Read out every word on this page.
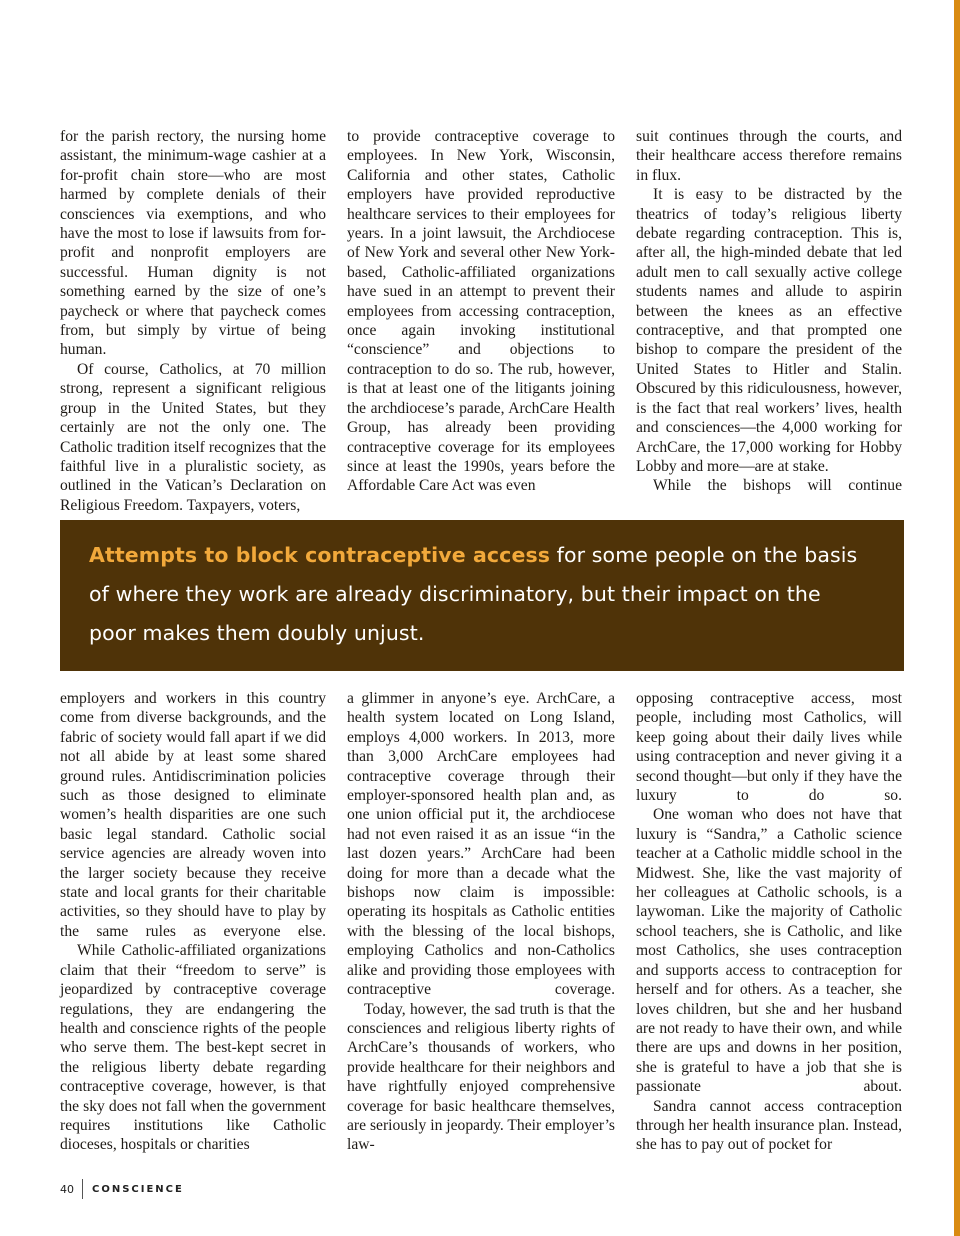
for the parish rectory, the nursing home assistant, the minimum-wage cashier at a for-profit chain store—who are most harmed by complete denials of their consciences via exemptions, and who have the most to lose if lawsuits from for-profit and nonprofit employers are successful. Human dignity is not something earned by the size of one’s paycheck or where that paycheck comes from, but simply by virtue of being human.

Of course, Catholics, at 70 million strong, represent a significant religious group in the United States, but they certainly are not the only one. The Catholic tradition itself recognizes that the faithful live in a pluralistic society, as outlined in the Vatican’s Declaration on Religious Freedom. Taxpayers, voters,

to provide contraceptive coverage to employees. In New York, Wisconsin, California and other states, Catholic employers have provided reproductive healthcare services to their employees for years. In a joint lawsuit, the Archdiocese of New York and several other New York-based, Catholic-affiliated organizations have sued in an attempt to prevent their employees from accessing contraception, once again invoking institutional “conscience” and objections to contraception to do so. The rub, however, is that at least one of the litigants joining the archdiocese’s parade, ArchCare Health Group, has already been providing contraceptive coverage for its employees since at least the 1990s, years before the Affordable Care Act was even

suit continues through the courts, and their healthcare access therefore remains in flux.

It is easy to be distracted by the theatrics of today’s religious liberty debate regarding contraception. This is, after all, the high-minded debate that led adult men to call sexually active college students names and allude to aspirin between the knees as an effective contraceptive, and that prompted one bishop to compare the president of the United States to Hitler and Stalin. Obscured by this ridiculousness, however, is the fact that real workers’ lives, health and consciences—the 4,000 working for ArchCare, the 17,000 working for Hobby Lobby and more—are at stake.

While the bishops will continue

Attempts to block contraceptive access for some people on the basis of where they work are already discriminatory, but their impact on the poor makes them doubly unjust.

employers and workers in this country come from diverse backgrounds, and the fabric of society would fall apart if we did not all abide by at least some shared ground rules. Antidiscrimination policies such as those designed to eliminate women’s health disparities are one such basic legal standard. Catholic social service agencies are already woven into the larger society because they receive state and local grants for their charitable activities, so they should have to play by the same rules as everyone else.

While Catholic-affiliated organizations claim that their “freedom to serve” is jeopardized by contraceptive coverage regulations, they are endangering the health and conscience rights of the people who serve them. The best-kept secret in the religious liberty debate regarding contraceptive coverage, however, is that the sky does not fall when the government requires institutions like Catholic dioceses, hospitals or charities

a glimmer in anyone’s eye. ArchCare, a health system located on Long Island, employs 4,000 workers. In 2013, more than 3,000 ArchCare employees had contraceptive coverage through their employer-sponsored health plan and, as one union official put it, the archdiocese had not even raised it as an issue “in the last dozen years.” ArchCare had been doing for more than a decade what the bishops now claim is impossible: operating its hospitals as Catholic entities with the blessing of the local bishops, employing Catholics and non-Catholics alike and providing those employees with contraceptive coverage.

Today, however, the sad truth is that the consciences and religious liberty rights of ArchCare’s thousands of workers, who provide healthcare for their neighbors and have rightfully enjoyed comprehensive coverage for basic healthcare themselves, are seriously in jeopardy. Their employer’s law-

opposing contraceptive access, most people, including most Catholics, will keep going about their daily lives while using contraception and never giving it a second thought—but only if they have the luxury to do so.

One woman who does not have that luxury is “Sandra,” a Catholic science teacher at a Catholic middle school in the Midwest. She, like the vast majority of her colleagues at Catholic schools, is a laywoman. Like the majority of Catholic school teachers, she is Catholic, and like most Catholics, she uses contraception and supports access to contraception for herself and for others. As a teacher, she loves children, but she and her husband are not ready to have their own, and while there are ups and downs in her position, she is grateful to have a job that she is passionate about.

Sandra cannot access contraception through her health insurance plan. Instead, she has to pay out of pocket for

40	CONSCIENCE
